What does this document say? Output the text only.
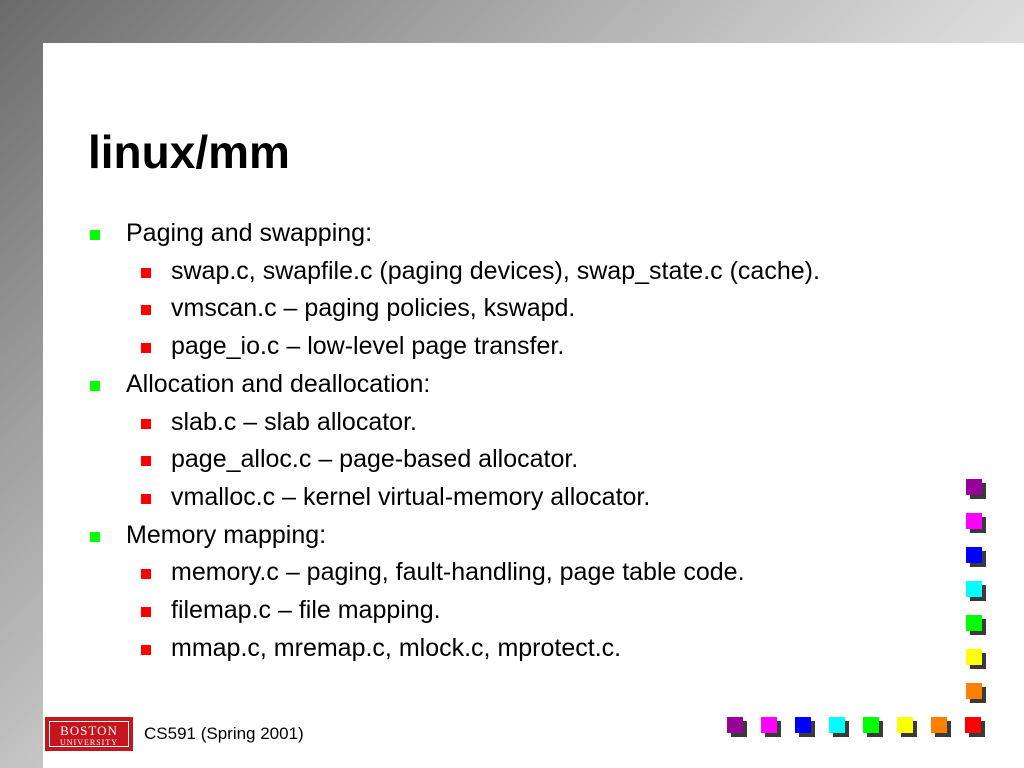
linux/mm
Paging and swapping:
swap.c, swapfile.c (paging devices), swap_state.c (cache).
vmscan.c – paging policies, kswapd.
page_io.c – low-level page transfer.
Allocation and deallocation:
slab.c – slab allocator.
page_alloc.c – page-based allocator.
vmalloc.c – kernel virtual-memory allocator.
Memory mapping:
memory.c – paging, fault-handling, page table code.
filemap.c – file mapping.
mmap.c, mremap.c, mlock.c, mprotect.c.
BOSTON
UNIVERSITY	CS591 (Spring 2001)
